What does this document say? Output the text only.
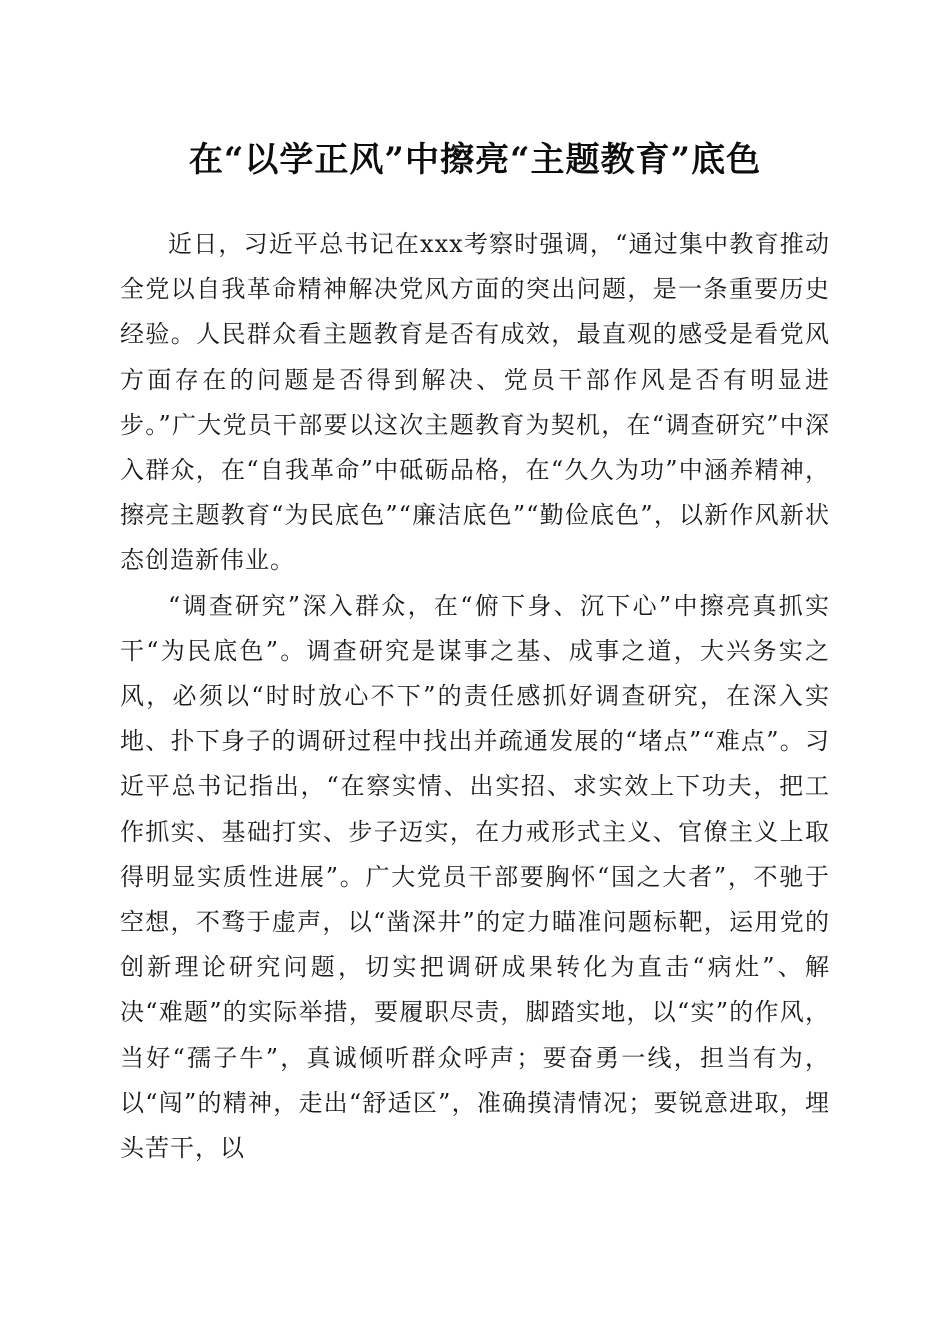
在“以学正风”中擦亮“主题教育”底色

近日，习近平总书记在xxx考察时强调，“通过集中教育推动全党以自我革命精神解决党风方面的突出问题，是一条重要历史经验。人民群众看主题教育是否有成效，最直观的感受是看党风方面存在的问题是否得到解决、党员干部作风是否有明显进步。”广大党员干部要以这次主题教育为契机，在“调查研究”中深入群众，在“自我革命”中砥砺品格，在“久久为功”中涵养精神，擦亮主题教育“为民底色”“廉洁底色”“勤俭底色”，以新作风新状态创造新伟业。

“调查研究”深入群众，在“俯下身、沉下心”中擦亮真抓实干“为民底色”。调查研究是谋事之基、成事之道，大兴务实之风，必须以“时时放心不下”的责任感抓好调查研究，在深入实地、扑下身子的调研过程中找出并疏通发展的“堵点”“难点”。习近平总书记指出，“在察实情、出实招、求实效上下功夫，把工作抓实、基础打实、步子迈实，在力戒形式主义、官僚主义上取得明显实质性进展”。广大党员干部要胸怀“国之大者”，不驰于空想，不骛于虚声，以“凿深井”的定力瞄准问题标靶，运用党的创新理论研究问题，切实把调研成果转化为直击“病灶”、解决“难题”的实际举措，要履职尽责，脚踏实地，以“实”的作风，当好“孺子牛”，真诚倾听群众呼声；要奋勇一线，担当有为，以“闯”的精神，走出“舒适区”，准确摸清情况；要锐意进取，埋头苦干，以
